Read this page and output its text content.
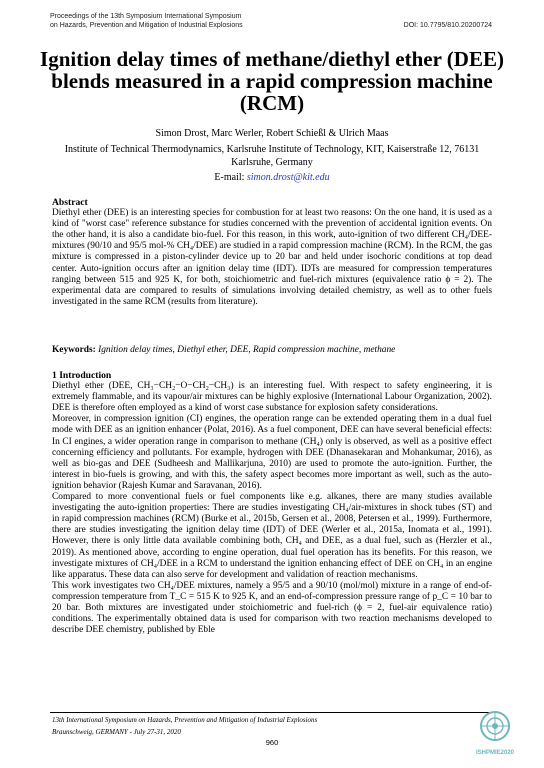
Proceedings of the 13th Symposium International Symposium
on Hazards, Prevention and Mitigation of Industrial Explosions	DOI: 10.7795/810.20200724
Ignition delay times of methane/diethyl ether (DEE) blends measured in a rapid compression machine (RCM)
Simon Drost, Marc Werler, Robert Schießl & Ulrich Maas
Institute of Technical Thermodynamics, Karlsruhe Institute of Technology, KIT, Kaiserstraße 12, 76131 Karlsruhe, Germany
E-mail: simon.drost@kit.edu
Abstract
Diethyl ether (DEE) is an interesting species for combustion for at least two reasons: On the one hand, it is used as a kind of "worst case" reference substance for studies concerned with the prevention of accidental ignition events. On the other hand, it is also a candidate bio-fuel. For this reason, in this work, auto-ignition of two different CH₄/DEE-mixtures (90/10 and 95/5 mol-% CH₄/DEE) are studied in a rapid compression machine (RCM). In the RCM, the gas mixture is compressed in a piston-cylinder device up to 20 bar and held under isochoric conditions at top dead center. Auto-ignition occurs after an ignition delay time (IDT). IDTs are measured for compression temperatures ranging between 515 and 925 K, for both, stoichiometric and fuel-rich mixtures (equivalence ratio ϕ = 2). The experimental data are compared to results of simulations involving detailed chemistry, as well as to other fuels investigated in the same RCM (results from literature).
Keywords: Ignition delay times, Diethyl ether, DEE, Rapid compression machine, methane
1 Introduction
Diethyl ether (DEE, CH₃−CH₂−O−CH₂−CH₃) is an interesting fuel. With respect to safety engineering, it is extremely flammable, and its vapour/air mixtures can be highly explosive (International Labour Organization, 2002). DEE is therefore often employed as a kind of worst case substance for explosion safety considerations.
Moreover, in compression ignition (CI) engines, the operation range can be extended operating them in a dual fuel mode with DEE as an ignition enhancer (Polat, 2016). As a fuel component, DEE can have several beneficial effects: In CI engines, a wider operation range in comparison to methane (CH₄) only is observed, as well as a positive effect concerning efficiency and pollutants. For example, hydrogen with DEE (Dhanasekaran and Mohankumar, 2016), as well as bio-gas and DEE (Sudheesh and Mallikarjuna, 2010) are used to promote the auto-ignition. Further, the interest in bio-fuels is growing, and with this, the safety aspect becomes more important as well, such as the auto-ignition behavior (Rajesh Kumar and Saravanan, 2016).
Compared to more conventional fuels or fuel components like e.g. alkanes, there are many studies available investigating the auto-ignition properties: There are studies investigating CH₄/air-mixtures in shock tubes (ST) and in rapid compression machines (RCM) (Burke et al., 2015b, Gersen et al., 2008, Petersen et al., 1999). Furthermore, there are studies investigating the ignition delay time (IDT) of DEE (Werler et al., 2015a, Inomata et al., 1991). However, there is only little data available combining both, CH₄ and DEE, as a dual fuel, such as (Herzler et al., 2019). As mentioned above, according to engine operation, dual fuel operation has its benefits. For this reason, we investigate mixtures of CH₄/DEE in a RCM to understand the ignition enhancing effect of DEE on CH₄ in an engine like apparatus. These data can also serve for development and validation of reaction mechanisms.
This work investigates two CH₄/DEE mixtures, namely a 95/5 and a 90/10 (mol/mol) mixture in a range of end-of-compression temperature from T_C = 515 K to 925 K, and an end-of-compression pressure range of p_C = 10 bar to 20 bar. Both mixtures are investigated under stoichiometric and fuel-rich (ϕ = 2, fuel-air equivalence ratio) conditions. The experimentally obtained data is used for comparison with two reaction mechanisms developed to describe DEE chemistry, published by Eble
13th International Symposium on Hazards, Prevention and Mitigation of Industrial Explosions
Braunschweig, GERMANY - July 27-31, 2020
960
ISHPMIE2020
